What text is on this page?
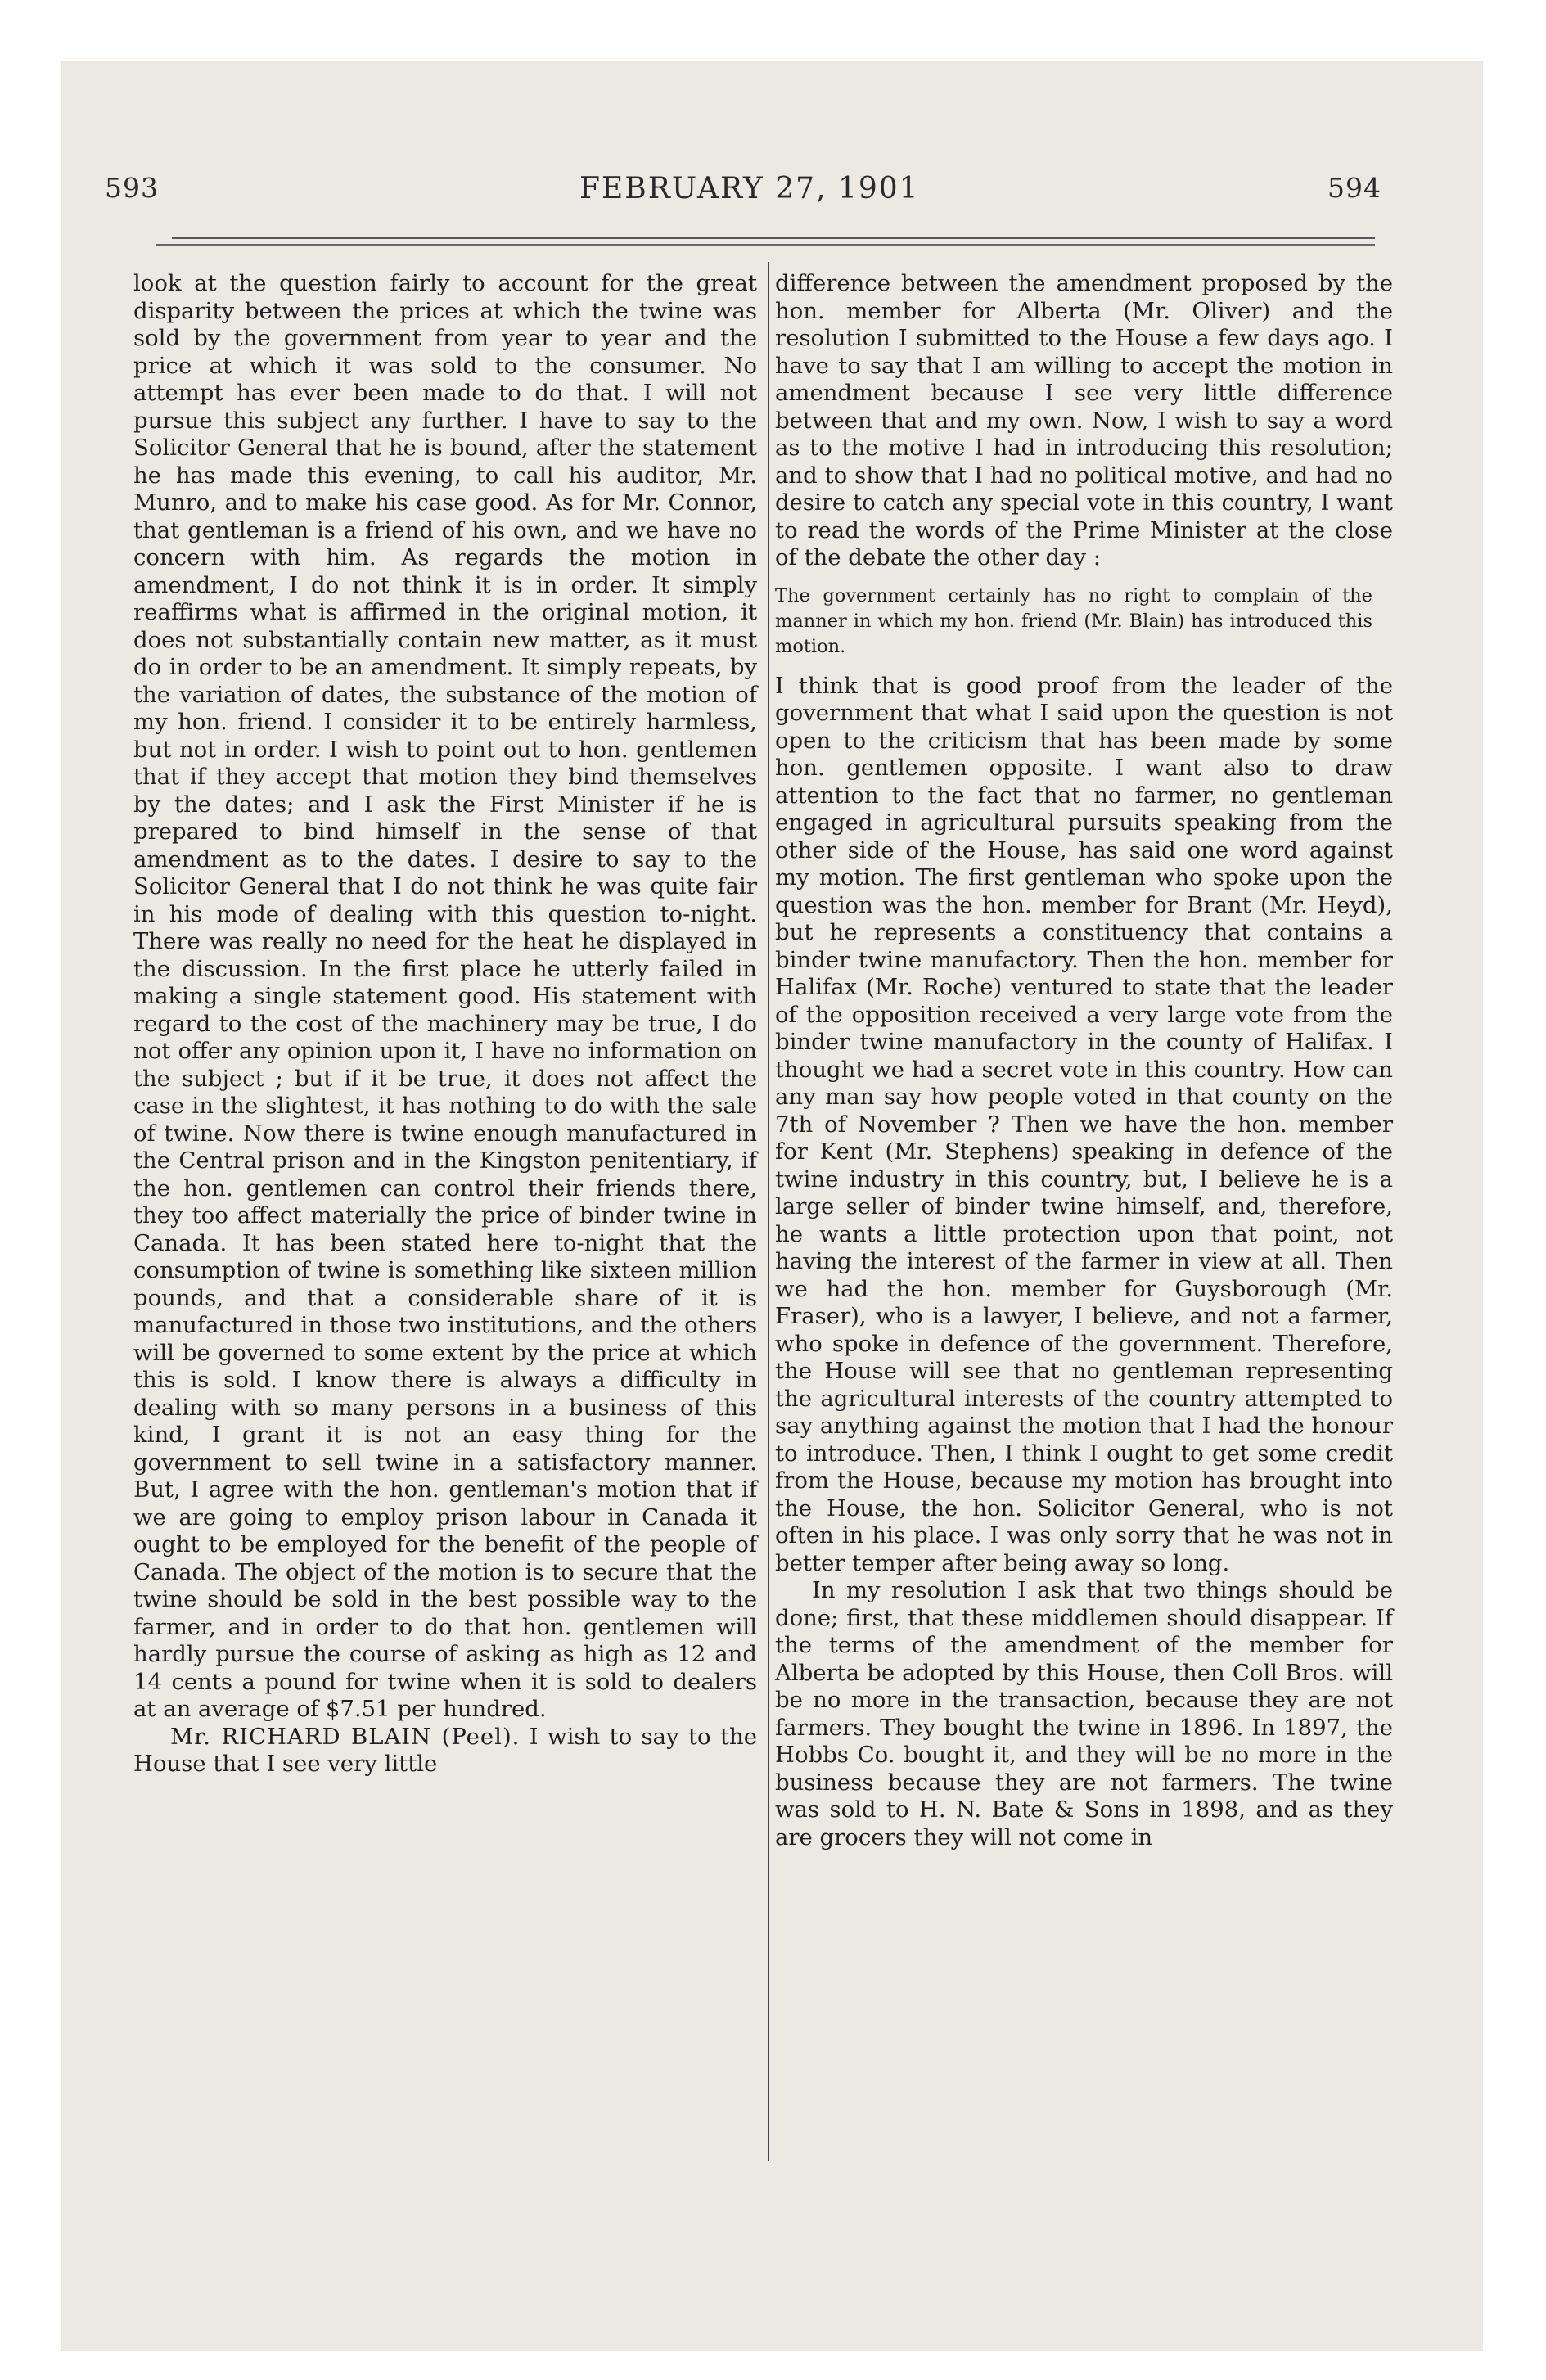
593	FEBRUARY 27, 1901	594

look at the question fairly to account for the great disparity between the prices at which the twine was sold by the government from year to year and the price at which it was sold to the consumer. No attempt has ever been made to do that. I will not pursue this subject any further. I have to say to the Solicitor General that he is bound, after the statement he has made this evening, to call his auditor, Mr. Munro, and to make his case good. As for Mr. Connor, that gentleman is a friend of his own, and we have no concern with him. As regards the motion in amendment, I do not think it is in order. It simply reaffirms what is affirmed in the original motion, it does not substantially contain new matter, as it must do in order to be an amendment. It simply repeats, by the variation of dates, the substance of the motion of my hon. friend. I consider it to be entirely harmless, but not in order. I wish to point out to hon. gentlemen that if they accept that motion they bind themselves by the dates; and I ask the First Minister if he is prepared to bind himself in the sense of that amendment as to the dates. I desire to say to the Solicitor General that I do not think he was quite fair in his mode of dealing with this question to-night. There was really no need for the heat he displayed in the discussion. In the first place he utterly failed in making a single statement good. His statement with regard to the cost of the machinery may be true, I do not offer any opinion upon it, I have no information on the subject ; but if it be true, it does not affect the case in the slightest, it has nothing to do with the sale of twine. Now there is twine enough manufactured in the Central prison and in the Kingston penitentiary, if the hon. gentlemen can control their friends there, they too affect materially the price of binder twine in Canada. It has been stated here to-night that the consumption of twine is something like sixteen million pounds, and that a considerable share of it is manufactured in those two institutions, and the others will be governed to some extent by the price at which this is sold. I know there is always a difficulty in dealing with so many persons in a business of this kind, I grant it is not an easy thing for the government to sell twine in a satisfactory manner. But, I agree with the hon. gentleman's motion that if we are going to employ prison labour in Canada it ought to be employed for the benefit of the people of Canada. The object of the motion is to secure that the twine should be sold in the best possible way to the farmer, and in order to do that hon. gentlemen will hardly pursue the course of asking as high as 12 and 14 cents a pound for twine when it is sold to dealers at an average of $7.51 per hundred.

Mr. RICHARD BLAIN (Peel). I wish to say to the House that I see very little

difference between the amendment proposed by the hon. member for Alberta (Mr. Oliver) and the resolution I submitted to the House a few days ago. I have to say that I am willing to accept the motion in amendment because I see very little difference between that and my own. Now, I wish to say a word as to the motive I had in introducing this resolution; and to show that I had no political motive, and had no desire to catch any special vote in this country, I want to read the words of the Prime Minister at the close of the debate the other day :

The government certainly has no right to complain of the manner in which my hon. friend (Mr. Blain) has introduced this motion.

I think that is good proof from the leader of the government that what I said upon the question is not open to the criticism that has been made by some hon. gentlemen opposite. I want also to draw attention to the fact that no farmer, no gentleman engaged in agricultural pursuits speaking from the other side of the House, has said one word against my motion. The first gentleman who spoke upon the question was the hon. member for Brant (Mr. Heyd), but he represents a constituency that contains a binder twine manufactory. Then the hon. member for Halifax (Mr. Roche) ventured to state that the leader of the opposition received a very large vote from the binder twine manufactory in the county of Halifax. I thought we had a secret vote in this country. How can any man say how people voted in that county on the 7th of November ? Then we have the hon. member for Kent (Mr. Stephens) speaking in defence of the twine industry in this country, but, I believe he is a large seller of binder twine himself, and, therefore, he wants a little protection upon that point, not having the interest of the farmer in view at all. Then we had the hon. member for Guysborough (Mr. Fraser), who is a lawyer, I believe, and not a farmer, who spoke in defence of the government. Therefore, the House will see that no gentleman representing the agricultural interests of the country attempted to say anything against the motion that I had the honour to introduce. Then, I think I ought to get some credit from the House, because my motion has brought into the House, the hon. Solicitor General, who is not often in his place. I was only sorry that he was not in better temper after being away so long.

In my resolution I ask that two things should be done; first, that these middlemen should disappear. If the terms of the amendment of the member for Alberta be adopted by this House, then Coll Bros. will be no more in the transaction, because they are not farmers. They bought the twine in 1896. In 1897, the Hobbs Co. bought it, and they will be no more in the business because they are not farmers. The twine was sold to H. N. Bate & Sons in 1898, and as they are grocers they will not come in
